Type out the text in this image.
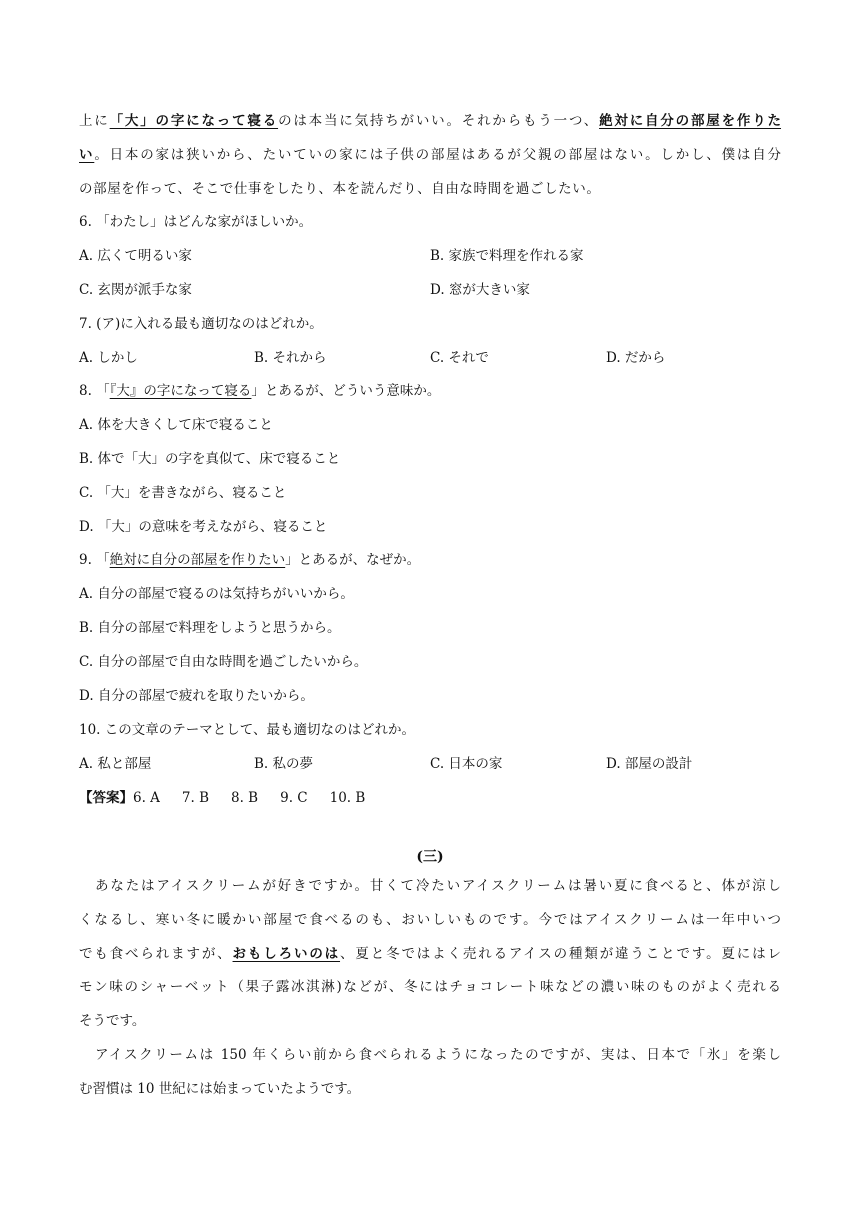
上に「大」の字になって寝るのは本当に気持ちがいい。それからもう一つ、絶対に自分の部屋を作りた
い。日本の家は狭いから、たいていの家には子供の部屋はあるが父親の部屋はない。しかし、僕は自分
の部屋を作って、そこで仕事をしたり、本を読んだり、自由な時間を過ごしたい。
6. 「わたし」はどんな家がほしいか。
A. 広くて明るい家	B. 家族で料理を作れる家
C. 玄関が派手な家	D. 窓が大きい家
7. (ア)に入れる最も適切なのはどれか。
A. しかし	B. それから	C. それで	D. だから
8. 「『大』の字になって寝る」とあるが、どういう意味か。
A. 体を大きくして床で寝ること
B. 体で「大」の字を真似て、床で寝ること
C. 「大」を書きながら、寝ること
D. 「大」の意味を考えながら、寝ること
9. 「絶対に自分の部屋を作りたい」とあるが、なぜか。
A. 自分の部屋で寝るのは気持ちがいいから。
B. 自分の部屋で料理をしようと思うから。
C. 自分の部屋で自由な時間を過ごしたいから。
D. 自分の部屋で疲れを取りたいから。
10. この文章のテーマとして、最も適切なのはどれか。
A. 私と部屋	B. 私の夢	C. 日本の家	D. 部屋の設計
【答案】6. A 7. B 8. B 9. C 10. B
(三)
あなたはアイスクリームが好きですか。甘くて冷たいアイスクリームは暑い夏に食べると、体が涼し
くなるし、寒い冬に暖かい部屋で食べるのも、おいしいものです。今ではアイスクリームは一年中いつ
でも食べられますが、おもしろいのは、夏と冬ではよく売れるアイスの種類が違うことです。夏にはレ
モン味のシャーベット（果子露冰淇淋)などが、冬にはチョコレート味などの濃い味のものがよく売れる
そうです。
アイスクリームは 150 年くらい前から食べられるようになったのですが、実は、日本で「氷」を楽し
む習慣は 10 世紀には始まっていたようです。
